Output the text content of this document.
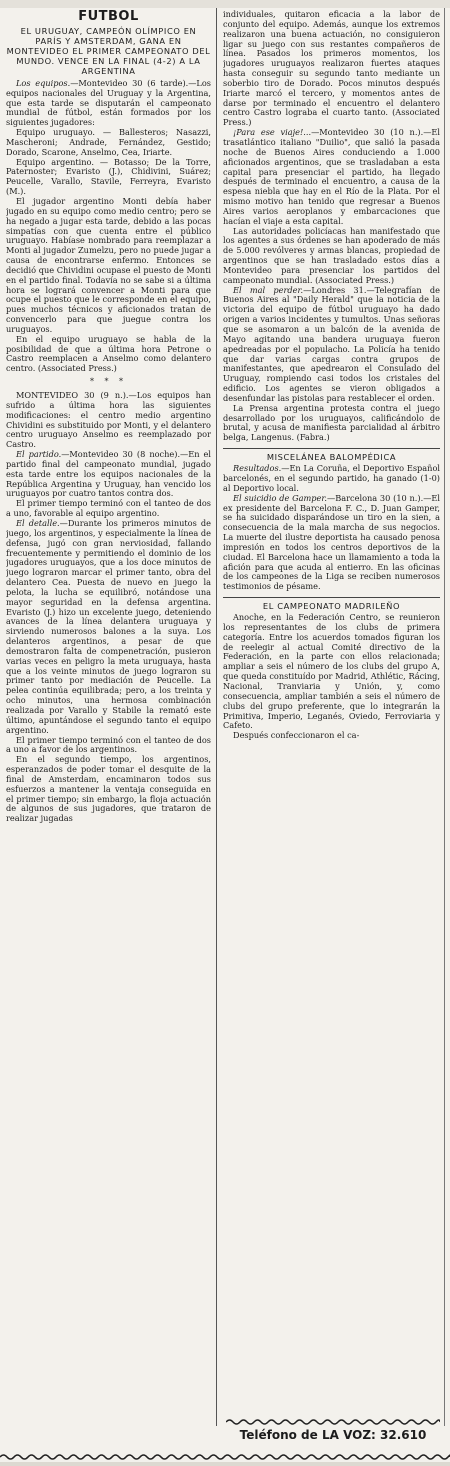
FUTBOL
EL URUGUAY, CAMPEÓN OLÍMPICO EN PARÍS Y AMSTERDAM, GANA EN MONTEVIDEO EL PRIMER CAMPEONATO DEL MUNDO. VENCE EN LA FINAL (4-2) A LA ARGENTINA

Los equipos.—Montevideo 30 (6 tarde).—Los equipos nacionales del Uruguay y la Argentina, que esta tarde se disputarán el campeonato mundial de fútbol, están formados por los siguientes jugadores:

Equipo uruguayo. — Ballesteros; Nasazzi, Mascheroni; Andrade, Fernández, Gestido; Dorado, Scarone, Anselmo, Cea, Iriarte.

Equipo argentino. — Botasso; De la Torre, Paternoster; Evaristo (J.), Chidivini, Suárez; Peucelle, Varallo, Stavile, Ferreyra, Evaristo (M.).

El jugador argentino Monti debía haber jugado en su equipo como medio centro; pero se ha negado a jugar esta tarde, debido a las pocas simpatías con que cuenta entre el público uruguayo. Habíase nombrado para reemplazar a Monti al jugador Zumelzu, pero no puede jugar a causa de encontrarse enfermo. Entonces se decidió que Chividini ocupase el puesto de Monti en el partido final. Todavía no se sabe si a última hora se logrará convencer a Monti para que ocupe el puesto que le corresponde en el equipo, pues muchos técnicos y aficionados tratan de convencerlo para que juegue contra los uruguayos.

En el equipo uruguayo se habla de la posibilidad de que a última hora Petrone o Castro reemplacen a Anselmo como delantero centro. (Associated Press.)

* * *

MONTEVIDEO 30 (9 n.).—Los equipos han sufrido a última hora las siguientes modificaciones: el centro medio argentino Chividini es substituido por Monti, y el delantero centro uruguayo Anselmo es reemplazado por Castro.

El partido.—Montevideo 30 (8 noche).—En el partido final del campeonato mundial, jugado esta tarde entre los equipos nacionales de la República Argentina y Uruguay, han vencido los uruguayos por cuatro tantos contra dos.

El primer tiempo terminó con el tanteo de dos a uno, favorable al equipo argentino.

El detalle.—Durante los primeros minutos de juego, los argentinos, y especialmente la línea de defensa, jugó con gran nerviosidad, fallando frecuentemente y permitiendo el dominio de los jugadores uruguayos, que a los doce minutos de juego lograron marcar el primer tanto, obra del delantero Cea. Puesta de nuevo en juego la pelota, la lucha se equilibró, notándose una mayor seguridad en la defensa argentina. Evaristo (J.) hizo un excelente juego, deteniendo avances de la línea delantera uruguaya y sirviendo numerosos balones a la suya. Los delanteros argentinos, a pesar de que demostraron falta de compenetración, pusieron varias veces en peligro la meta uruguaya, hasta que a los veinte minutos de juego lograron su primer tanto por mediación de Peucelle. La pelea continúa equilibrada; pero, a los treinta y ocho minutos, una hermosa combinación realizada por Varallo y Stabile la remató este último, apuntándose el segundo tanto el equipo argentino.

El primer tiempo terminó con el tanteo de dos a uno a favor de los argentinos.

En el segundo tiempo, los argentinos, esperanzados de poder tomar el desquite de la final de Amsterdam, encaminaron todos sus esfuerzos a mantener la ventaja conseguida en el primer tiempo; sin embargo, la floja actuación de algunos de sus jugadores, que trataron de realizar jugadas

individuales, quitaron eficacia a la labor de conjunto del equipo. Además, aunque los extremos realizaron una buena actuación, no consiguieron ligar su juego con sus restantes compañeros de línea. Pasados los primeros momentos, los jugadores uruguayos realizaron fuertes ataques hasta conseguir su segundo tanto mediante un soberbio tiro de Dorado. Pocos minutos después Iriarte marcó el tercero, y momentos antes de darse por terminado el encuentro el delantero centro Castro lograba el cuarto tanto. (Associated Press.)

¡Para ese viaje!...—Montevideo 30 (10 n.).—El trasatlántico italiano "Duilio", que salió la pasada noche de Buenos Aires conduciendo a 1.000 aficionados argentinos, que se trasladaban a esta capital para presenciar el partido, ha llegado después de terminado el encuentro, a causa de la espesa niebla que hay en el Río de la Plata. Por el mismo motivo han tenido que regresar a Buenos Aires varios aeroplanos y embarcaciones que hacían el viaje a esta capital.

Las autoridades policíacas han manifestado que los agentes a sus órdenes se han apoderado de más de 5.000 revólveres y armas blancas, propiedad de argentinos que se han trasladado estos días a Montevideo para presenciar los partidos del campeonato mundial. (Associated Press.)

El mal perder.—Londres 31.—Telegrafían de Buenos Aires al "Daily Herald" que la noticia de la victoria del equipo de fútbol uruguayo ha dado origen a varios incidentes y tumultos. Unas señoras que se asomaron a un balcón de la avenida de Mayo agitando una bandera uruguaya fueron apedreadas por el populacho. La Policía ha tenido que dar varias cargas contra grupos de manifestantes, que apedrearon el Consulado del Uruguay, rompiendo casi todos los cristales del edificio. Los agentes se vieron obligados a desenfundar las pistolas para restablecer el orden.

La Prensa argentina protesta contra el juego desarrollado por los uruguayos, calificándolo de brutal, y acusa de manifiesta parcialidad al árbitro belga, Langenus. (Fabra.)

MISCELÁNEA BALOMPÉDICA

Resultados.—En La Coruña, el Deportivo Español barcelonés, en el segundo partido, ha ganado (1-0) al Deportivo local.

El suicidio de Gamper.—Barcelona 30 (10 n.).—El ex presidente del Barcelona F. C., D. Juan Gamper, se ha suicidado disparándose un tiro en la sien, a consecuencia de la mala marcha de sus negocios. La muerte del ilustre deportista ha causado penosa impresión en todos los centros deportivos de la ciudad. El Barcelona hace un llamamiento a toda la afición para que acuda al entierro. En las oficinas de los campeones de la Liga se reciben numerosos testimonios de pésame.

EL CAMPEONATO MADRILEÑO

Anoche, en la Federación Centro, se reunieron los representantes de los clubs de primera categoría. Entre los acuerdos tomados figuran los de reelegir al actual Comité directivo de la Federación, en la parte con ellos relacionada; ampliar a seis el número de los clubs del grupo A, que queda constituído por Madrid, Athlétic, Rácing, Nacional, Tranviaria y Unión, y, como consecuencia, ampliar también a seis el número de clubs del grupo preferente, que lo integrarán la Primitiva, Imperio, Leganés, Oviedo, Ferroviaria y Cafeto.

Después confeccionaron el ca-

Teléfono de LA VOZ: 32.610
